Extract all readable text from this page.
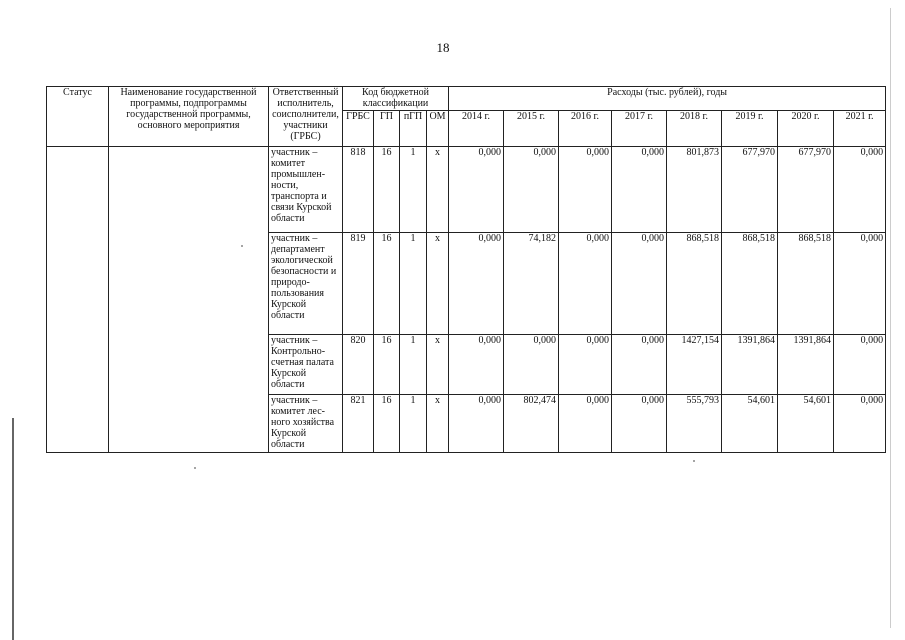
18
Статус	Наименование государственной программы, подпрограммы государственной программы, основного мероприятия	Ответственный исполнитель, соисполнители, участники (ГРБС)	Код бюджетной классификации				Расходы (тыс. рублей), годы							
			ГРБС	ГП	пГП	ОМ	2014 г.	2015 г.	2016 г.	2017 г.	2018 г.	2019 г.	2020 г.	2021 г.
		участник – комитет промышлен-ности, транспорта и связи Курской области	818	16	1	х	0,000	0,000	0,000	0,000	801,873	677,970	677,970	0,000
		участник – департамент экологической безопасности и природо-пользования Курской области	819	16	1	х	0,000	74,182	0,000	0,000	868,518	868,518	868,518	0,000
		участник – Контрольно-счетная палата Курской области	820	16	1	х	0,000	0,000	0,000	0,000	1427,154	1391,864	1391,864	0,000
		участник – комитет лес-ного хозяйства Курской области	821	16	1	х	0,000	802,474	0,000	0,000	555,793	54,601	54,601	0,000
